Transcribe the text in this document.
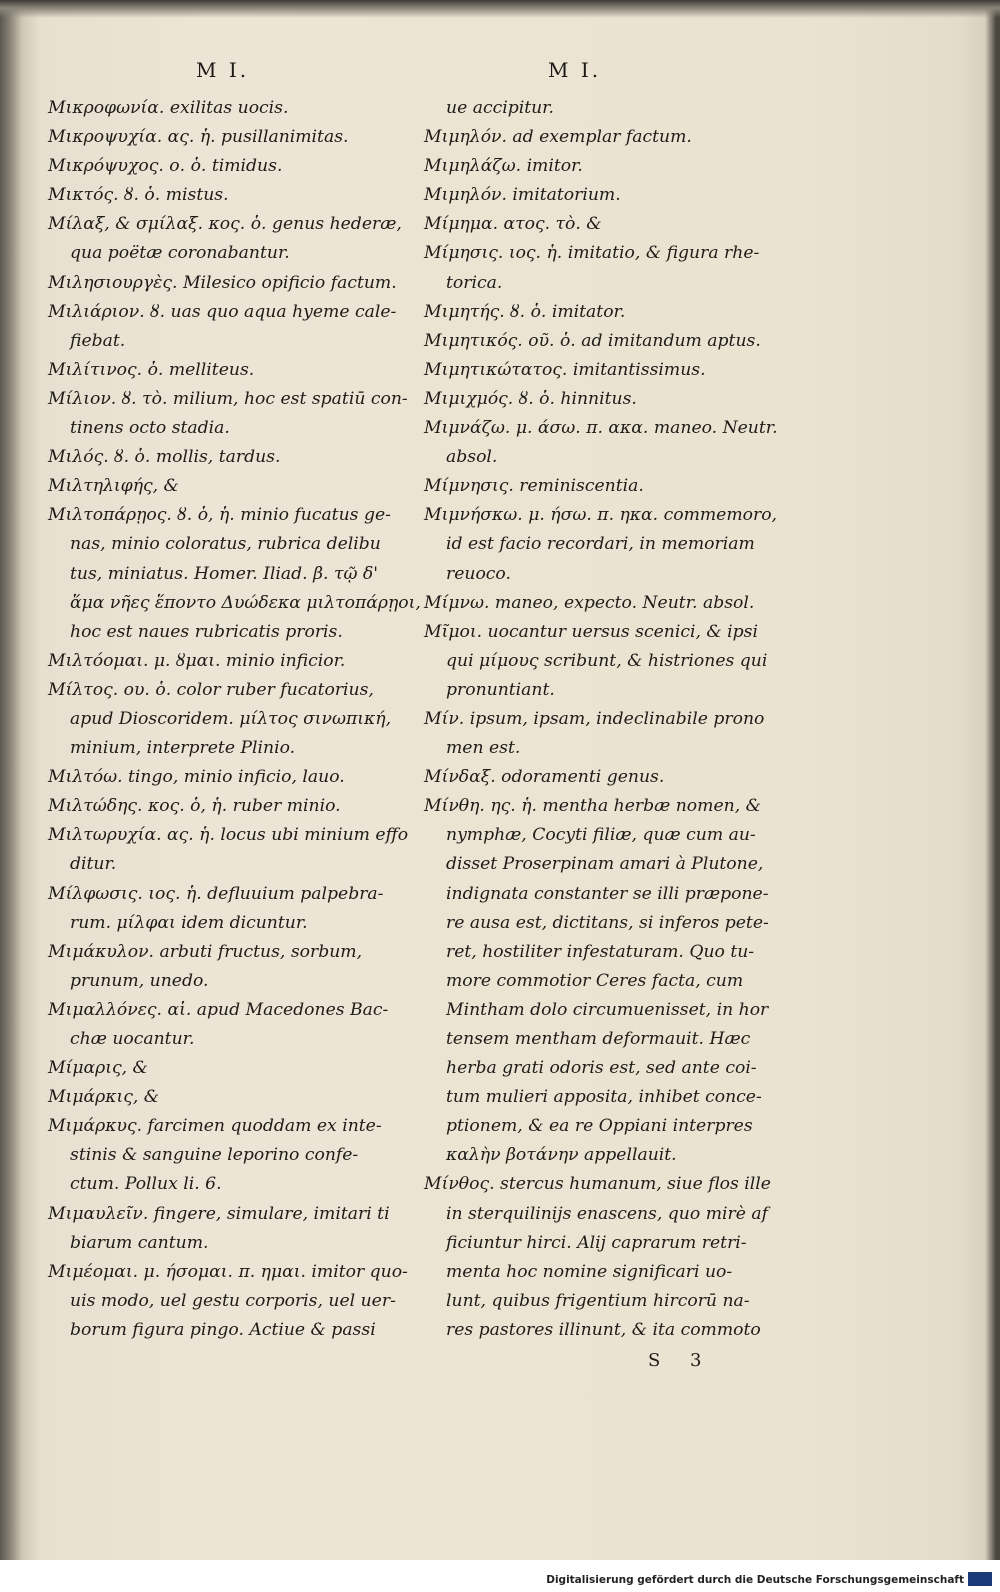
M I.	M I.
Μικροφωνία. exilitas uocis.
Μικροψυχία. ας. ἡ. pusillanimitas.
Μικρόψυχος. ο. ὁ. timidus.
Μικτός. ȣ. ὁ. mistus.
Μίλαξ, & σμίλαξ. κος. ὁ. genus hederæ,
qua poëtæ coronabantur.
Μιλησιουργὲς. Milesico opificio factum.
Μιλιάριον. ȣ. uas quo aqua hyeme cale-
fiebat.
Μιλίτινος. ὁ. melliteus.
Μίλιον. ȣ. τὸ. milium, hoc est spatiū con-
tinens octo stadia.
Μιλός. ȣ. ὁ. mollis, tardus.
Μιλτηλιφής, &
Μιλτοπάρῃος. ȣ. ὁ, ἡ. minio fucatus ge-
nas, minio coloratus, rubrica delibu
tus, miniatus. Homer. Iliad. β. τῷ δ'
ἅμα νῆες ἕποντο Δυώδεκα μιλτοπάρῃοι,
hoc est naues rubricatis proris.
Μιλτόομαι. μ. ȣμαι. minio inficior.
Μίλτος. ου. ὁ. color ruber fucatorius,
apud Dioscoridem. μίλτος σινωπική,
minium, interprete Plinio.
Μιλτόω. tingo, minio inficio, lauo.
Μιλτώδης. κος. ὁ, ἡ. ruber minio.
Μιλτωρυχία. ας. ἡ. locus ubi minium effo
ditur.
Μίλφωσις. ιος. ἡ. defluuium palpebra-
rum. μίλφαι idem dicuntur.
Μιμάκυλον. arbuti fructus, sorbum,
prunum, unedo.
Μιμαλλόνες. αἱ. apud Macedones Bac-
chæ uocantur.
Μίμαρις, &
Μιμάρκις, &
Μιμάρκυς. farcimen quoddam ex inte-
stinis & sanguine leporino confe-
ctum. Pollux li. 6.
Μιμαυλεῖν. fingere, simulare, imitari ti
biarum cantum.
Μιμέομαι. μ. ήσομαι. π. ημαι. imitor quo-
uis modo, uel gestu corporis, uel uer-
borum figura pingo. Actiue & passi
ue accipitur.
Μιμηλόν. ad exemplar factum.
Μιμηλάζω. imitor.
Μιμηλόν. imitatorium.
Μίμημα. ατος. τὸ. &
Μίμησις. ιος. ἡ. imitatio, & figura rhe-
torica.
Μιμητής. ȣ. ὁ. imitator.
Μιμητικός. οῦ. ὁ. ad imitandum aptus.
Μιμητικώτατος. imitantissimus.
Μιμιχμός. ȣ. ὁ. hinnitus.
Μιμνάζω. μ. άσω. π. ακα. maneo. Neutr.
absol.
Μίμνησις. reminiscentia.
Μιμνήσκω. μ. ήσω. π. ηκα. commemoro,
id est facio recordari, in memoriam
reuoco.
Μίμνω. maneo, expecto. Neutr. absol.
Μῖμοι. uocantur uersus scenici, & ipsi
qui μίμους scribunt, & histriones qui
pronuntiant.
Μίν. ipsum, ipsam, indeclinabile prono
men est.
Μίνδαξ. odoramenti genus.
Μίνθη. ης. ἡ. mentha herbæ nomen, &
nymphæ, Cocyti filiæ, quæ cum au-
disset Proserpinam amari à Plutone,
indignata constanter se illi præpone-
re ausa est, dictitans, si inferos pete-
ret, hostiliter infestaturam. Quo tu-
more commotior Ceres facta, cum
Mintham dolo circumuenisset, in hor
tensem mentham deformauit. Hæc
herba grati odoris est, sed ante coi-
tum mulieri apposita, inhibet conce-
ptionem, & ea re Oppiani interpres
καλὴν βοτάνην appellauit.
Μίνθος. stercus humanum, siue flos ille
in sterquilinijs enascens, quo mirè af
ficiuntur hirci. Alij caprarum retri-
menta hoc nomine significari uo-
lunt, quibus frigentium hircorū na-
res pastores illinunt, & ita commoto
S 3
Digitalisierung gefördert durch die Deutsche Forschungsgemeinschaft
